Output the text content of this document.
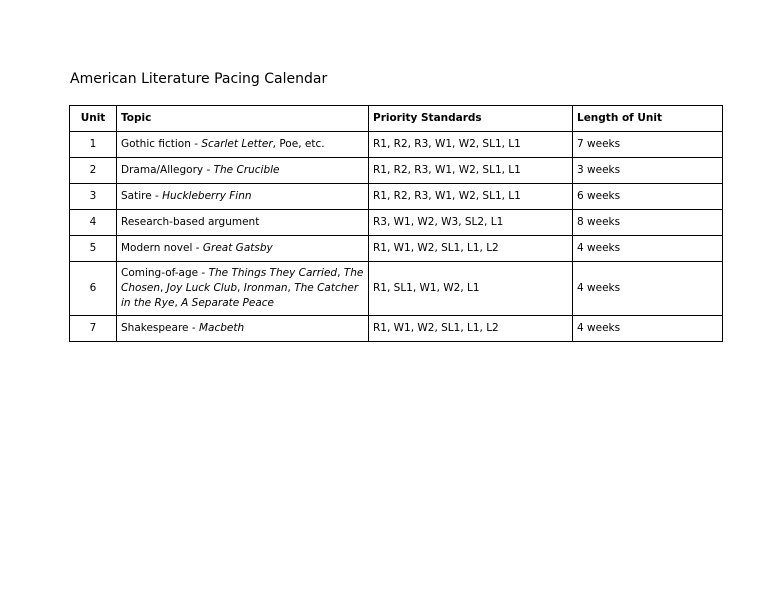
American Literature Pacing Calendar
Unit	Topic	Priority Standards	Length of Unit
1	Gothic fiction - Scarlet Letter, Poe, etc.	R1, R2, R3, W1, W2, SL1, L1	7 weeks
2	Drama/Allegory - The Crucible	R1, R2, R3, W1, W2, SL1, L1	3 weeks
3	Satire - Huckleberry Finn	R1, R2, R3, W1, W2, SL1, L1	6 weeks
4	Research-based argument	R3, W1, W2, W3, SL2, L1	8 weeks
5	Modern novel - Great Gatsby	R1, W1, W2, SL1, L1, L2	4 weeks
6	Coming-of-age - The Things They Carried, The Chosen, Joy Luck Club, Ironman, The Catcher in the Rye, A Separate Peace	R1, SL1, W1, W2, L1	4 weeks
7	Shakespeare - Macbeth	R1, W1, W2, SL1, L1, L2	4 weeks
